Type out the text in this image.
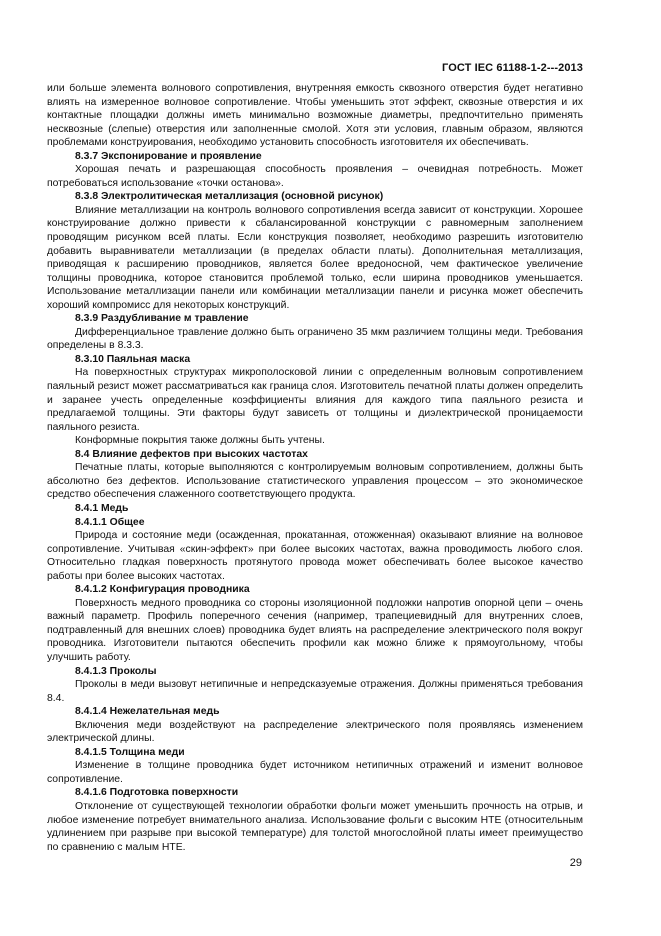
ГОСТ IEC 61188-1-2---2013

или больше элемента волнового сопротивления, внутренняя емкость сквозного отверстия будет негативно влиять на измеренное волновое сопротивление. Чтобы уменьшить этот эффект, сквозные отверстия и их контактные площадки должны иметь минимально возможные диаметры, предпочтительно применять несквозные (слепые) отверстия или заполненные смолой. Хотя эти условия, главным образом, являются проблемами конструирования, необходимо установить способность изготовителя их обеспечивать.

8.3.7 Экспонирование и проявление

Хорошая печать и разрешающая способность проявления – очевидная потребность. Может потребоваться использование «точки останова».

8.3.8 Электролитическая металлизация (основной рисунок)

Влияние металлизации на контроль волнового сопротивления всегда зависит от конструкции. Хорошее конструирование должно привести к сбалансированной конструкции с равномерным заполнением проводящим рисунком всей платы. Если конструкция позволяет, необходимо разрешить изготовителю добавить выравниватели металлизации (в пределах области платы). Дополнительная металлизация, приводящая к расширению проводников, является более вредоносной, чем фактическое увеличение толщины проводника, которое становится проблемой только, если ширина проводников уменьшается. Использование металлизации панели или комбинации металлизации панели и рисунка может обеспечить хороший компромисс для некоторых конструкций.

8.3.9 Раздубливание м травление

Дифференциальное травление должно быть ограничено 35 мкм различием толщины меди. Требования определены в 8.3.3.

8.3.10 Паяльная маска

На поверхностных структурах микрополосковой линии с определенным волновым сопротивлением паяльный резист может рассматриваться как граница слоя. Изготовитель печатной платы должен определить и заранее учесть определенные коэффициенты влияния для каждого типа паяльного резиста и предлагаемой толщины. Эти факторы будут зависеть от толщины и диэлектрической проницаемости паяльного резиста.

Конформные покрытия также должны быть учтены.

8.4 Влияние дефектов при высоких частотах

Печатные платы, которые выполняются с контролируемым волновым сопротивлением, должны быть абсолютно без дефектов. Использование статистического управления процессом – это экономическое средство обеспечения слаженного соответствующего продукта.

8.4.1 Медь

8.4.1.1 Общее

Природа и состояние меди (осажденная, прокатанная, отожженная) оказывают влияние на волновое сопротивление. Учитывая «скин-эффект» при более высоких частотах, важна проводимость любого слоя. Относительно гладкая поверхность протянутого провода может обеспечивать более высокое качество работы при более высоких частотах.

8.4.1.2 Конфигурация проводника

Поверхность медного проводника со стороны изоляционной подложки напротив опорной цепи – очень важный параметр. Профиль поперечного сечения (например, трапециевидный для внутренних слоев, подтравленный для внешних слоев) проводника будет влиять на распределение электрического поля вокруг проводника. Изготовители пытаются обеспечить профили как можно ближе к прямоугольному, чтобы улучшить работу.

8.4.1.3 Проколы

Проколы в меди вызовут нетипичные и непредсказуемые отражения. Должны применяться требования 8.4.

8.4.1.4 Нежелательная медь

Включения меди воздействуют на распределение электрического поля проявляясь изменением электрической длины.

8.4.1.5 Толщина меди

Изменение в толщине проводника будет источником нетипичных отражений и изменит волновое сопротивление.

8.4.1.6 Подготовка поверхности

Отклонение от существующей технологии обработки фольги может уменьшить прочность на отрыв, и любое изменение потребует внимательного анализа. Использование фольги с высоким НТЕ (относительным удлинением при разрыве при высокой температуре) для толстой многослойной платы имеет преимущество по сравнению с малым НТЕ.

29
